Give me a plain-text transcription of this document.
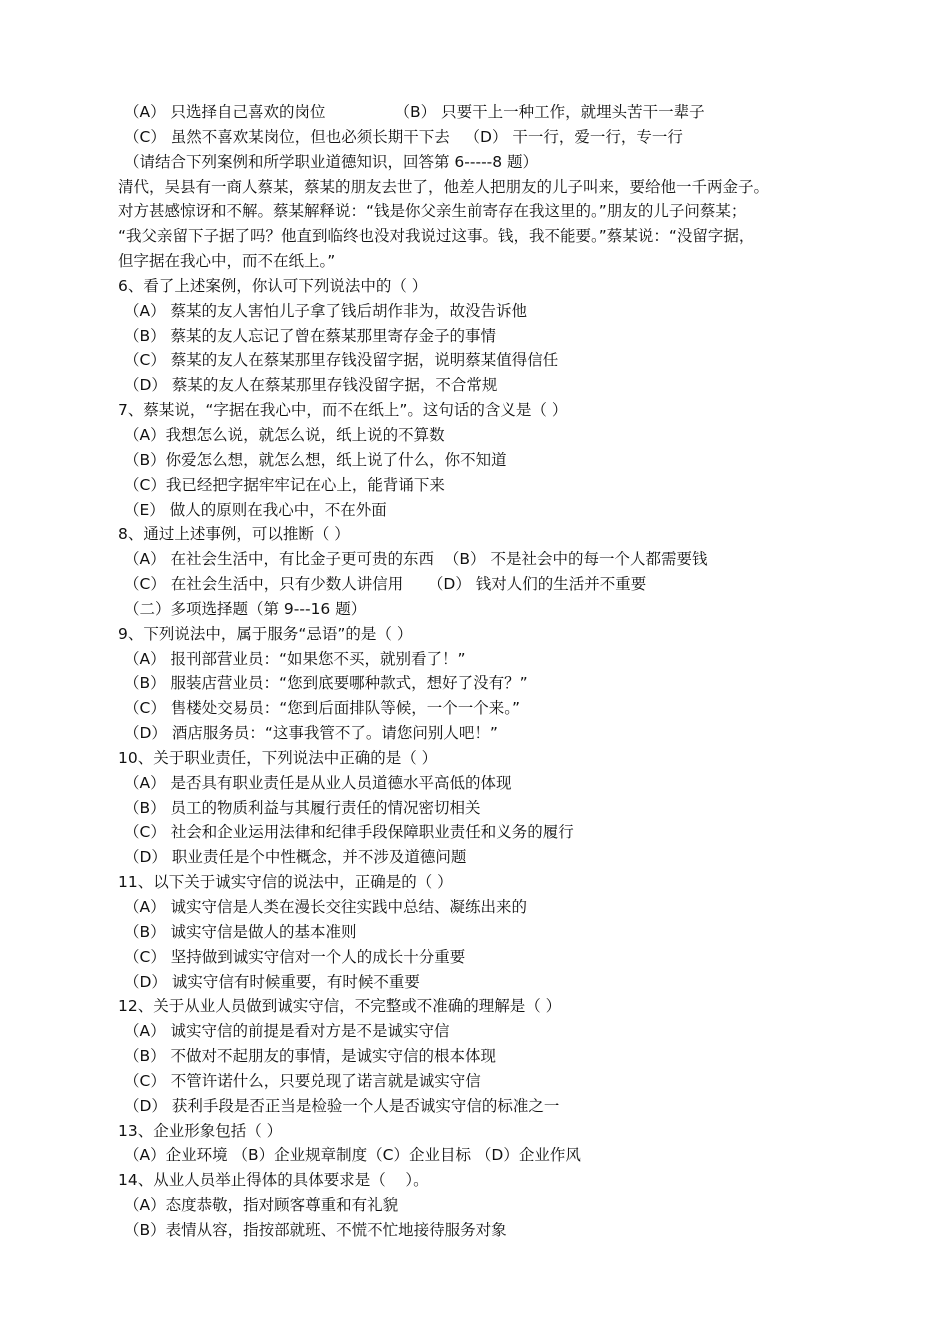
（A） 只选择自己喜欢的岗位              （B） 只要干上一种工作，就埋头苦干一辈子
（C） 虽然不喜欢某岗位，但也必须长期干下去   （D） 干一行，爱一行，专一行
（请结合下列案例和所学职业道德知识，回答第 6-----8 题）
清代，吴县有一商人蔡某，蔡某的朋友去世了，他差人把朋友的儿子叫来，要给他一千两金子。
对方甚感惊讶和不解。蔡某解释说：“钱是你父亲生前寄存在我这里的。”朋友的儿子问蔡某；
“我父亲留下子据了吗？他直到临终也没对我说过这事。钱，我不能要。”蔡某说：“没留字据，
但字据在我心中，而不在纸上。”
6、看了上述案例，你认可下列说法中的（ ）
（A） 蔡某的友人害怕儿子拿了钱后胡作非为，故没告诉他
（B） 蔡某的友人忘记了曾在蔡某那里寄存金子的事情
（C） 蔡某的友人在蔡某那里存钱没留字据，说明蔡某值得信任
（D） 蔡某的友人在蔡某那里存钱没留字据，不合常规
7、蔡某说，“字据在我心中，而不在纸上”。这句话的含义是（ ）
（A）我想怎么说，就怎么说，纸上说的不算数
（B）你爱怎么想，就怎么想，纸上说了什么，你不知道
（C）我已经把字据牢牢记在心上，能背诵下来
（E） 做人的原则在我心中，不在外面
8、通过上述事例，可以推断（ ）
（A） 在社会生活中，有比金子更可贵的东西  （B） 不是社会中的每一个人都需要钱
（C） 在社会生活中，只有少数人讲信用     （D） 钱对人们的生活并不重要
（二）多项选择题（第 9---16 题）
9、下列说法中，属于服务“忌语”的是（ ）
（A） 报刊部营业员：“如果您不买，就别看了！”
（B） 服装店营业员：“您到底要哪种款式，想好了没有？”
（C） 售楼处交易员：“您到后面排队等候，一个一个来。”
（D） 酒店服务员：“这事我管不了。请您问别人吧！”
10、关于职业责任，下列说法中正确的是（ ）
（A） 是否具有职业责任是从业人员道德水平高低的体现
（B） 员工的物质利益与其履行责任的情况密切相关
（C） 社会和企业运用法律和纪律手段保障职业责任和义务的履行
（D） 职业责任是个中性概念，并不涉及道德问题
11、以下关于诚实守信的说法中，正确是的（ ）
（A） 诚实守信是人类在漫长交往实践中总结、凝练出来的
（B） 诚实守信是做人的基本准则
（C） 坚持做到诚实守信对一个人的成长十分重要
（D） 诚实守信有时候重要，有时候不重要
12、关于从业人员做到诚实守信，不完整或不准确的理解是（ ）
（A） 诚实守信的前提是看对方是不是诚实守信
（B） 不做对不起朋友的事情，是诚实守信的根本体现
（C） 不管许诺什么，只要兑现了诺言就是诚实守信
（D） 获利手段是否正当是检验一个人是否诚实守信的标准之一
13、企业形象包括（ ）
（A）企业环境 （B）企业规章制度（C）企业目标 （D）企业作风
14、从业人员举止得体的具体要求是（    ）。
（A）态度恭敬，指对顾客尊重和有礼貌
（B）表情从容，指按部就班、不慌不忙地接待服务对象
